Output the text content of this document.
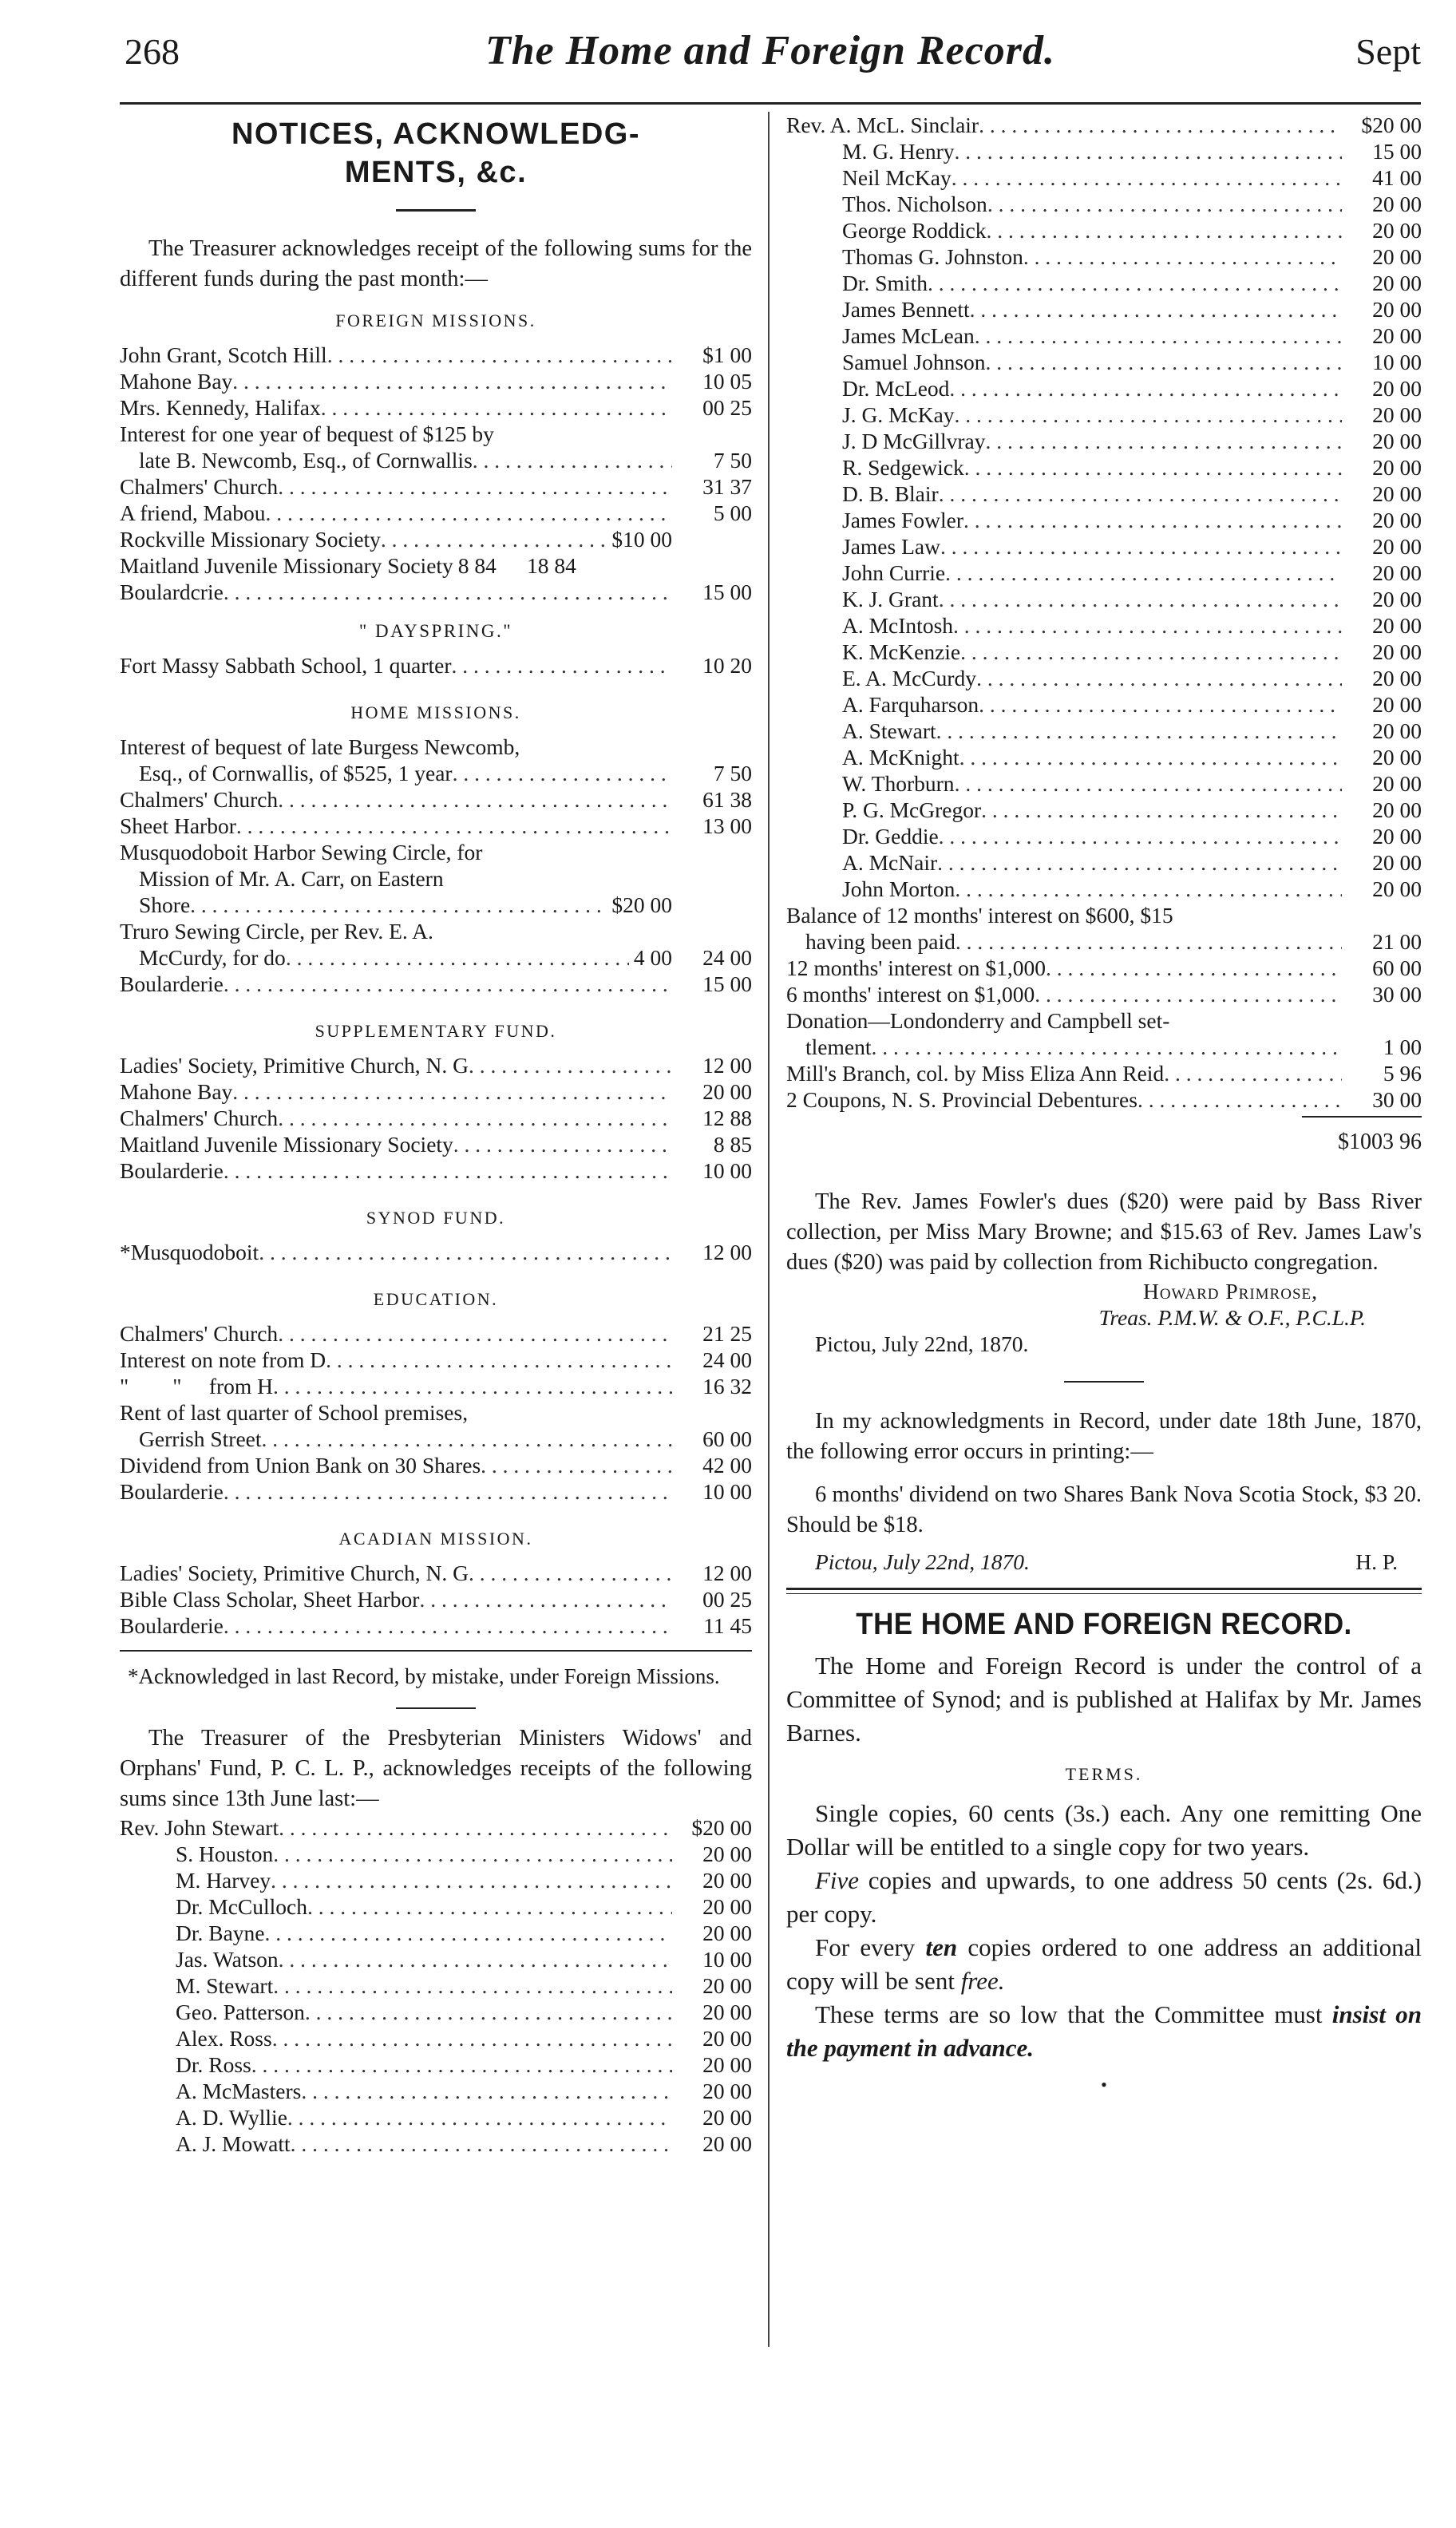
268	The Home and Foreign Record.	Sept
NOTICES, ACKNOWLEDG-
MENTS, &c.

The Treasurer acknowledges receipt of the following sums for the different funds during the past month:—

FOREIGN MISSIONS.
John Grant, Scotch Hill . . .	$1 00
Mahone Bay . . .	10 05
Mrs. Kennedy, Halifax . . .	00 25
Interest for one year of bequest of $125 by
late B. Newcomb, Esq., of Cornwallis . . .	7 50
Chalmers' Church . . .	31 37
A friend, Mabou . . .	5 00
Rockville Missionary Society . . .	$10 00
Maitland Juvenile Missionary Society 8 84	18 84
Boulardcrie . . .	15 00
" DAYSPRING."
Fort Massy Sabbath School, 1 quarter . . .	10 20
HOME MISSIONS.
Interest of bequest of late Burgess Newcomb,
Esq., of Cornwallis, of $525, 1 year . . .	7 50
Chalmers' Church . . .	61 38
Sheet Harbor . . .	13 00
Musquodoboit Harbor Sewing Circle, for
Mission of Mr. A. Carr, on Eastern
Shore . . .	$20 00
Truro Sewing Circle, per Rev. E. A.
McCurdy, for do . . .	4 00	24 00
Boularderie . . .	15 00
SUPPLEMENTARY FUND.
Ladies' Society, Primitive Church, N. G . . .	12 00
Mahone Bay . . .	20 00
Chalmers' Church . . .	12 88
Maitland Juvenile Missionary Society . . .	8 85
Boularderie . . .	10 00
SYNOD FUND.
*Musquodoboit . . .	12 00
EDUCATION.
Chalmers' Church . . .	21 25
Interest on note from D . . .	24 00
"        "     from H . . .	16 32
Rent of last quarter of School premises,
Gerrish Street . . .	60 00
Dividend from Union Bank on 30 Shares . . .	42 00
Boularderie . . .	10 00
ACADIAN MISSION.
Ladies' Society, Primitive Church, N. G . . .	12 00
Bible Class Scholar, Sheet Harbor . . .	00 25
Boularderie . . .	11 45

*Acknowledged in last Record, by mistake, under Foreign Missions.

The Treasurer of the Presbyterian Ministers Widows' and Orphans' Fund, P. C. L. P., acknowledges receipts of the following sums since 13th June last:—

Rev. John Stewart . . .	$20 00
S. Houston . . .	20 00
M. Harvey . . .	20 00
Dr. McCulloch . . .	20 00
Dr. Bayne . . .	20 00
Jas. Watson . . .	10 00
M. Stewart . . .	20 00
Geo. Patterson . . .	20 00
Alex. Ross . . .	20 00
Dr. Ross . . .	20 00
A. McMasters . . .	20 00
A. D. Wyllie . . .	20 00
A. J. Mowatt . . .	20 00
Rev. A. McL. Sinclair . . .	$20 00
M. G. Henry . . .	15 00
Neil McKay . . .	41 00
Thos. Nicholson . . .	20 00
George Roddick . . .	20 00
Thomas G. Johnston . . .	20 00
Dr. Smith . . .	20 00
James Bennett . . .	20 00
James McLean . . .	20 00
Samuel Johnson . . .	10 00
Dr. McLeod . . .	20 00
J. G. McKay . . .	20 00
J. D McGillvray . . .	20 00
R. Sedgewick . . .	20 00
D. B. Blair . . .	20 00
James Fowler . . .	20 00
James Law . . .	20 00
John Currie . . .	20 00
K. J. Grant . . .	20 00
A. McIntosh . . .	20 00
K. McKenzie . . .	20 00
E. A. McCurdy . . .	20 00
A. Farquharson . . .	20 00
A. Stewart . . .	20 00
A. McKnight . . .	20 00
W. Thorburn . . .	20 00
P. G. McGregor . . .	20 00
Dr. Geddie . . .	20 00
A. McNair . . .	20 00
John Morton . . .	20 00
Balance of 12 months' interest on $600, $15
having been paid . . .	21 00
12 months' interest on $1,000 . . .	60 00
6 months' interest on $1,000 . . .	30 00
Donation—Londonderry and Campbell set-
tlement . . .	1 00
Mill's Branch, col. by Miss Eliza Ann Reid . . .	5 96
2 Coupons, N. S. Provincial Debentures . . .	30 00
$1003 96

The Rev. James Fowler's dues ($20) were paid by Bass River collection, per Miss Mary Browne; and $15.63 of Rev. James Law's dues ($20) was paid by collection from Richibucto congregation.

Howard Primrose,

Treas. P.M.W. & O.F., P.C.L.P.

Pictou, July 22nd, 1870.

In my acknowledgments in Record, under date 18th June, 1870, the following error occurs in printing:—

6 months' dividend on two Shares Bank Nova Scotia Stock, $3 20. Should be $18.

Pictou, July 22nd, 1870.	H. P.
THE HOME AND FOREIGN RECORD.

The Home and Foreign Record is under the control of a Committee of Synod; and is published at Halifax by Mr. James Barnes.

TERMS.

Single copies, 60 cents (3s.) each. Any one remitting One Dollar will be entitled to a single copy for two years.

Five copies and upwards, to one address 50 cents (2s. 6d.) per copy.

For every ten copies ordered to one address an additional copy will be sent free.

These terms are so low that the Committee must insist on the payment in advance.

•
